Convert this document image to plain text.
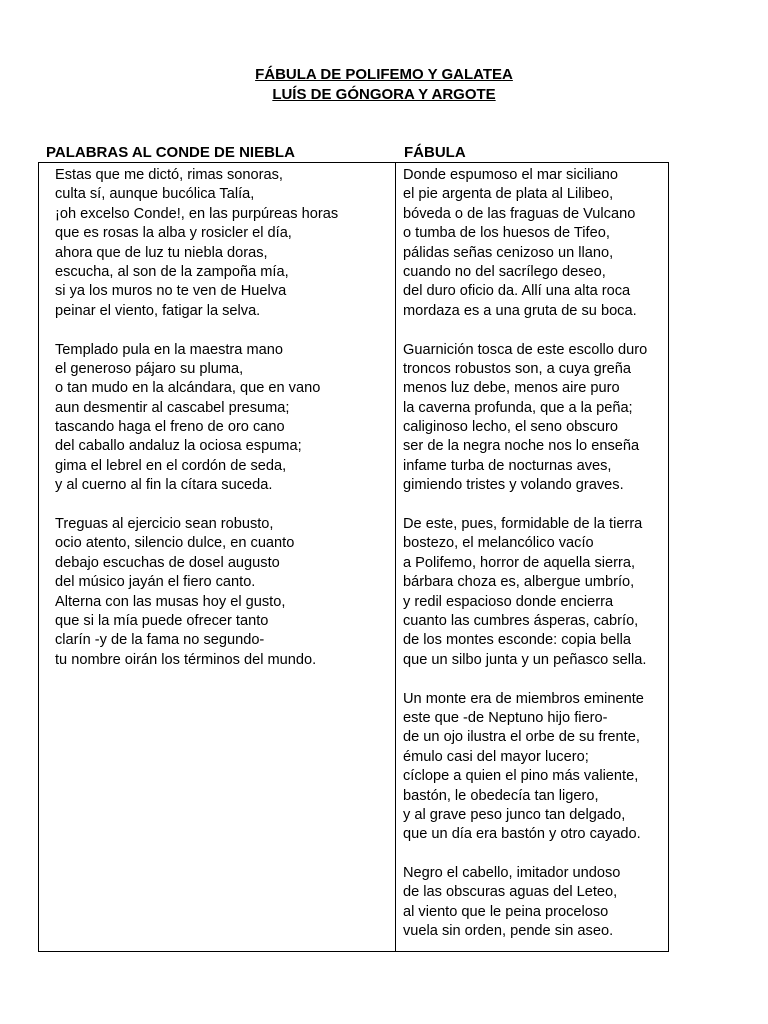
FÁBULA DE POLIFEMO Y GALATEA
LUÍS DE GÓNGORA Y ARGOTE
PALABRAS AL CONDE DE NIEBLA	FÁBULA
Estas que me dictó, rimas sonoras,
culta sí, aunque bucólica Talía,
¡oh excelso Conde!, en las purpúreas horas
que es rosas la alba y rosicler el día,
ahora que de luz tu niebla doras,
escucha, al son de la zampoña mía,
si ya los muros no te ven de Huelva
peinar el viento, fatigar la selva.
Templado pula en la maestra mano
el generoso pájaro su pluma,
o tan mudo en la alcándara, que en vano
aun desmentir al cascabel presuma;
tascando haga el freno de oro cano
del caballo andaluz la ociosa espuma;
gima el lebrel en el cordón de seda,
y al cuerno al fin la cítara suceda.
Treguas al ejercicio sean robusto,
ocio atento, silencio dulce, en cuanto
debajo escuchas de dosel augusto
del músico jayán el fiero canto.
Alterna con las musas hoy el gusto,
que si la mía puede ofrecer tanto
clarín -y de la fama no segundo-
tu nombre oirán los términos del mundo.
Donde espumoso el mar siciliano
el pie argenta de plata al Lilibeo,
bóveda o de las fraguas de Vulcano
o tumba de los huesos de Tifeo,
pálidas señas cenizoso un llano,
cuando no del sacrílego deseo,
del duro oficio da. Allí una alta roca
mordaza es a una gruta de su boca.
Guarnición tosca de este escollo duro
troncos robustos son, a cuya greña
menos luz debe, menos aire puro
la caverna profunda, que a la peña;
caliginoso lecho, el seno obscuro
ser de la negra noche nos lo enseña
infame turba de nocturnas aves,
gimiendo tristes y volando graves.
De este, pues, formidable de la tierra
bostezo, el melancólico vacío
a Polifemo, horror de aquella sierra,
bárbara choza es, albergue umbrío,
y redil espacioso donde encierra
cuanto las cumbres ásperas, cabrío,
de los montes esconde: copia bella
que un silbo junta y un peñasco sella.
Un monte era de miembros eminente
este que -de Neptuno hijo fiero-
de un ojo ilustra el orbe de su frente,
émulo casi del mayor lucero;
cíclope a quien el pino más valiente,
bastón, le obedecía tan ligero,
y al grave peso junco tan delgado,
que un día era bastón y otro cayado.
Negro el cabello, imitador undoso
de las obscuras aguas del Leteo,
al viento que le peina proceloso
vuela sin orden, pende sin aseo.
